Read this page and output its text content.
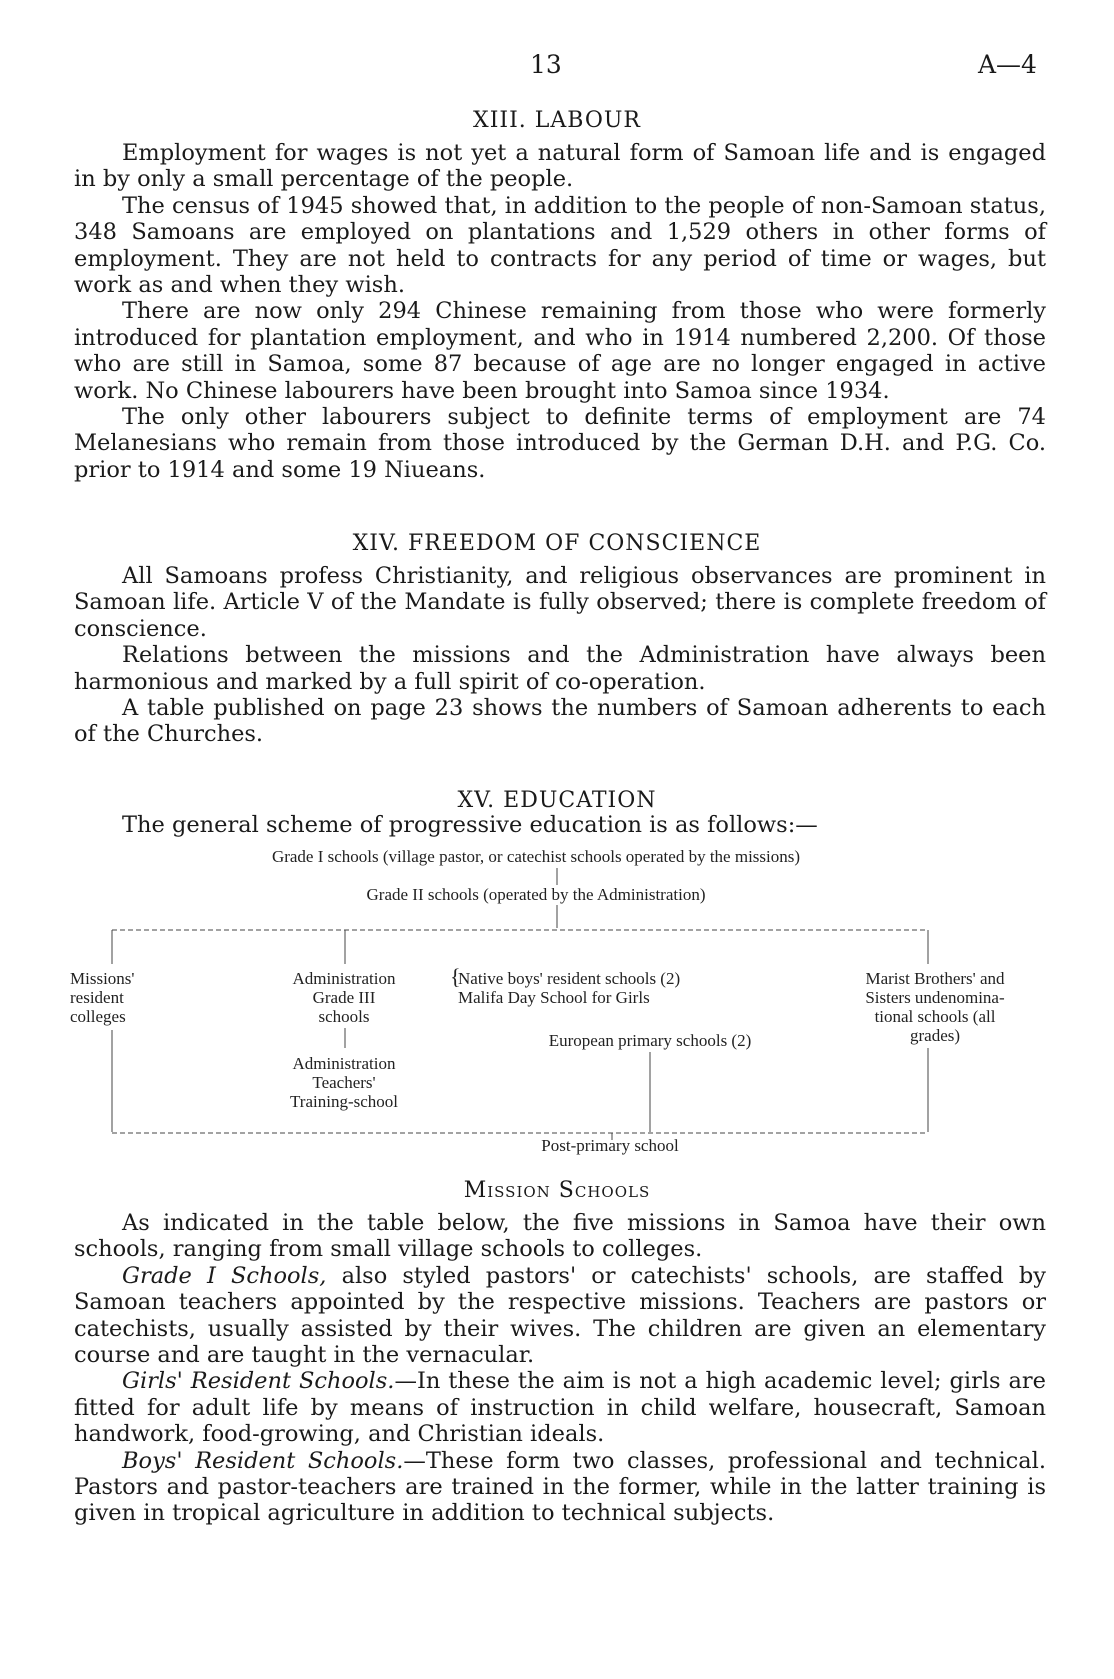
13	A—4
XIII. LABOUR

Employment for wages is not yet a natural form of Samoan life and is engaged in by only a small percentage of the people.

The census of 1945 showed that, in addition to the people of non-Samoan status, 348 Samoans are employed on plantations and 1,529 others in other forms of employment. They are not held to contracts for any period of time or wages, but work as and when they wish.

There are now only 294 Chinese remaining from those who were formerly introduced for plantation employment, and who in 1914 numbered 2,200. Of those who are still in Samoa, some 87 because of age are no longer engaged in active work. No Chinese labourers have been brought into Samoa since 1934.

The only other labourers subject to definite terms of employment are 74 Melanesians who remain from those introduced by the German D.H. and P.G. Co. prior to 1914 and some 19 Niueans.

XIV. FREEDOM OF CONSCIENCE

All Samoans profess Christianity, and religious observances are prominent in Samoan life. Article V of the Mandate is fully observed; there is complete freedom of conscience.

Relations between the missions and the Administration have always been harmonious and marked by a full spirit of co-operation.

A table published on page 23 shows the numbers of Samoan adherents to each of the Churches.

XV. EDUCATION

The general scheme of progressive education is as follows:—

Grade I schools (village pastor, or catechist schools operated by the missions)
Grade II schools (operated by the Administration)
Missions'
resident
colleges
Administration
Grade III
schools
{
Native boys' resident schools (2)
Malifa Day School for Girls
European primary schools (2)
Marist Brothers' and
Sisters undenomina-
tional schools (all
grades)
Administration
Teachers'
Training-school
Post-primary school
Mission Schools

As indicated in the table below, the five missions in Samoa have their own schools, ranging from small village schools to colleges.

Grade I Schools, also styled pastors' or catechists' schools, are staffed by Samoan teachers appointed by the respective missions. Teachers are pastors or catechists, usually assisted by their wives. The children are given an elementary course and are taught in the vernacular.

Girls' Resident Schools.—In these the aim is not a high academic level; girls are fitted for adult life by means of instruction in child welfare, housecraft, Samoan handwork, food-growing, and Christian ideals.

Boys' Resident Schools.—These form two classes, professional and technical. Pastors and pastor-teachers are trained in the former, while in the latter training is given in tropical agriculture in addition to technical subjects.
